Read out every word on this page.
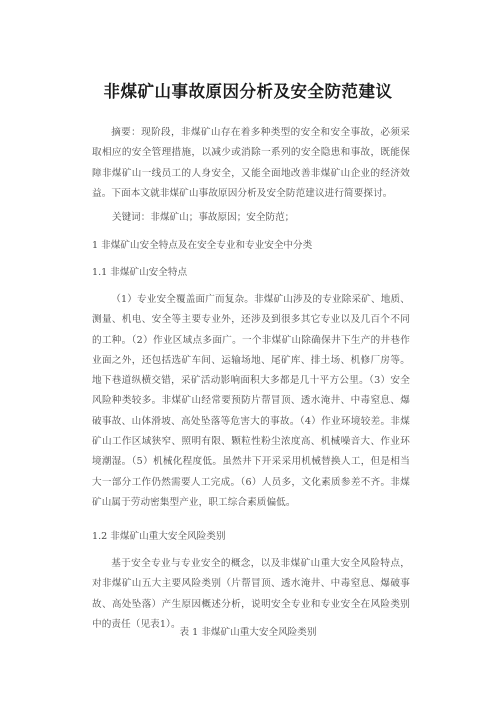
非煤矿山事故原因分析及安全防范建议

摘要：现阶段，非煤矿山存在着多种类型的安全和安全事故，必须采取相应的安全管理措施，以减少或消除一系列的安全隐患和事故，既能保障非煤矿山一线员工的人身安全，又能全面地改善非煤矿山企业的经济效益。下面本文就非煤矿山事故原因分析及安全防范建议进行简要探讨。

关键词：非煤矿山；事故原因；安全防范；
1 非煤矿山安全特点及在安全专业和专业安全中分类
1.1 非煤矿山安全特点

（1）专业安全覆盖面广而复杂。非煤矿山涉及的专业除采矿、地质、测量、机电、安全等主要专业外，还涉及到很多其它专业以及几百个不同的工种。（2）作业区域点多面广。一个非煤矿山除确保井下生产的井巷作业面之外，还包括选矿车间、运输场地、尾矿库、排土场、机修厂房等。地下巷道纵横交错，采矿活动影响面积大多都是几十平方公里。（3）安全风险种类较多。非煤矿山经常要预防片帮冒顶、透水淹井、中毒窒息、爆破事故、山体滑坡、高处坠落等危害大的事故。（4）作业环境较差。非煤矿山工作区域狭窄、照明有限、颗粒性粉尘浓度高、机械噪音大、作业环境潮湿。（5）机械化程度低。虽然井下开采采用机械替换人工，但是相当大一部分工作仍然需要人工完成。（6）人员多，文化素质参差不齐。非煤矿山属于劳动密集型产业，职工综合素质偏低。

1.2 非煤矿山重大安全风险类别

基于安全专业与专业安全的概念，以及非煤矿山重大安全风险特点，对非煤矿山五大主要风险类别（片帮冒顶、透水淹井、中毒窒息、爆破事故、高处坠落）产生原因概述分析，说明安全专业和专业安全在风险类别中的责任（见表1）。

表 1 非煤矿山重大安全风险类别
